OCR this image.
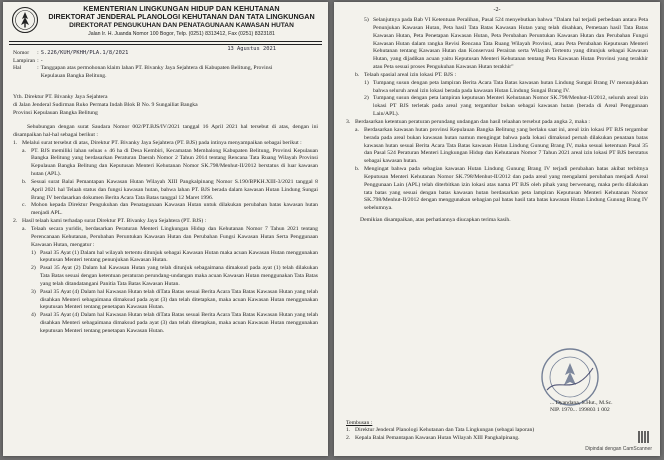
KEMENTERIAN LINGKUNGAN HIDUP DAN KEHUTANAN
DIREKTORAT JENDERAL PLANOLOGI KEHUTANAN DAN TATA LINGKUNGAN
DIREKTORAT PENGUKUHAN DAN PENATAGUNAAN KAWASAN HUTAN
Jalan Ir. H. Juanda Nomor 100 Bogor, Telp. (0251) 8313412, Fax (0251) 8323181
13 Agustus 2021
Nomor	:	S.226/KUH/PKHH/PLA.1/8/2021
Lampiran	:	-
Hal	:	Tanggapan atas permohonan klaim lahan PT. Bivanky Jaya Sejahtera di Kabupaten Belitung, Provinsi Kepulauan Bangka Belitung.

Yth. Direktur PT. Bivanky Jaya Sejahtera

di Jalan Jenderal Sudirman Ruko Permata Indah Blok B No. 9 Sungailiat Bangka

Provinsi Kepulauan Bangka Belitung

Sehubungan dengan surat Saudara Nomor 002/PT.BJS/IV/2021 tanggal 16 April 2021 hal tersebut di atas, dengan ini disampaikan hal-hal sebagai berikut :

1. Melalui surat tersebut di atas, Direktur PT. Bivanky Jaya Sejahtera (PT. BJS) pada intinya menyampaikan sebagai berikut :
a. PT. BJS memiliki lahan seluas ± 46 ha di Desa Kembiri, Kecamatan Membalong Kabupaten Belitung, Provinsi Kepulauan Bangka Belitung yang berdasarkan Peraturan Daerah Nomor 2 Tahun 2014 tentang Rencana Tata Ruang Wilayah Provinsi Kepulauan Bangka Belitung dan Keputusan Menteri Kehutanan Nomor SK.798/Menhut-II/2012 berstatus di luar kawasan hutan (APL).
b. Sesuai surat Balai Pemantapan Kawasan Hutan Wilayah XIII Pangkalpinang Nomor S.190/BPKH.XIII-3/2021 tanggal 8 April 2021 hal Telaah status dan fungsi kawasan hutan, bahwa lahan PT. BJS berada dalam kawasan Hutan Lindung Sungai Brang IV berdasarkan dokumen Berita Acara Tata Batas tanggal 12 Maret 1996.
c. Mohon kepada Direktur Pengukuhan dan Penatagunaan Kawasan Hutan untuk dilakukan perubahan batas kawasan hutan menjadi APL.
2. Hasil telaah kami terhadap surat Direktur PT. Bivanky Jaya Sejahtera (PT. BJS) :
a. Telaah secara yuridis, berdasarkan Peraturan Menteri Lingkungan Hidup dan Kehutanan Nomor 7 Tahun 2021 tentang Perencanaan Kehutanan, Perubahan Peruntukan Kawasan Hutan dan Perubahan Fungsi Kawasan Hutan Serta Penggunaan Kawasan Hutan, mengatur :
1) Pasal 35 Ayat (1) Dalam hal wilayah tertentu ditunjuk sebagai Kawasan Hutan maka acuan Kawasan Hutan menggunakan keputusan Menteri tentang penunjukan Kawasan Hutan.
2) Pasal 35 Ayat (2) Dalam hal Kawasan Hutan yang telah ditunjuk sebagaimana dimaksud pada ayat (1) telah dilakukan Tata Batas sesuai dengan ketentuan peraturan perundang-undangan maka acuan Kawasan Hutan menggunakan Tata Batas yang telah ditandatangani Panitia Tata Batas Kawasan Hutan.
3) Pasal 35 Ayat (4) Dalam hal Kawasan Hutan telah diTata Batas sesuai Berita Acara Tata Batas Kawasan Hutan yang telah disahkan Menteri sebagaimana dimaksud pada ayat (3) dan telah ditetapkan, maka acuan Kawasan Hutan menggunakan keputusan Menteri tentang penetapan Kawasan Hutan.
4) Pasal 35 Ayat (4) Dalam hal Kawasan Hutan telah diTata Batas sesuai Berita Acara Tata Batas Kawasan Hutan yang telah disahkan Menteri sebagaimana dimaksud pada ayat (3) dan telah ditetapkan, maka acuan Kawasan Hutan menggunakan keputusan Menteri tentang penetapan Kawasan Hutan.
-2-
5) Selanjutnya pada Bab VI Ketentuan Peralihan, Pasal 524 menyebutkan bahwa "Dalam hal terjadi perbedaan antara Peta Penunjukan Kawasan Hutan, Peta hasil Tata Batas Kawasan Hutan yang telah disahkan, Pemetaan hasil Tata Batas Kawasan Hutan, Peta Penetapan Kawasan Hutan, Peta Perubahan Peruntukan Kawasan Hutan dan Perubahan Fungsi Kawasan Hutan dalam rangka Revisi Rencana Tata Ruang Wilayah Provinsi, atau Peta Perubahan Keputusan Menteri Kehutanan tentang Kawasan Hutan dan Konservasi Perairan serta Wilayah Tertentu yang ditunjuk sebagai Kawasan Hutan, yang dijadikan acuan yaitu Keputusan Menteri Kehutanan tentang Peta Kawasan Hutan Provinsi yang terakhir atau Peta sesuai proses Pengukuhan Kawasan Hutan terakhir"
b. Telaah spasial areal izin lokasi PT. BJS :
1) Tumpang susun dengan peta lampiran Berita Acara Tata Batas kawasan hutan Lindung Sungai Brang IV menunjukkan bahwa seluruh areal izin lokasi berada pada kawasan Hutan Lindung Sungai Brang IV.
2) Tumpang susun dengan peta lampiran keputusan Menteri Kehutanan Nomor SK.798/Menhut-II/2012, seluruh areal izin lokasi PT BJS terletak pada areal yang tergambar bukan sebagai kawasan hutan (berada di Areal Penggunaan Lain/APL).
3. Berdasarkan ketentuan peraturan perundang undangan dan hasil telaahan tersebut pada angka 2, maka :
a. Berdasarkan kawasan hutan provinsi Kepulauan Bangka Belitung yang berlaku saat ini, areal izin lokasi PT BJS tergambar berada pada areal bukan kawasan hutan namun mengingat bahwa pada lokasi dimaksud pernah dilakukan penataan batas kawasan hutan sesuai Berita Acara Tata Batas kawasan Hutan Lindung Gunung Brang IV, maka sesuai ketentuan Pasal 35 dan Pasal 524 Peraturan Menteri Lingkungan Hidup dan Kehutanan Nomor 7 Tahun 2021 areal izin lokasi PT BJS berstatus sebagai kawasan hutan.
b. Mengingat bahwa pada sebagian kawasan Hutan Lindung Gunung Brang IV terjadi perubahan batas akibat terbitnya Keputusan Menteri Kehutanan Nomor SK.798/Menhut-II/2012 dan pada areal yang mengalami perubahan menjadi Areal Penggunaan Lain (APL) telah diterbitkan izin lokasi atas nama PT BJS oleh pihak yang berwenang, maka perlu dilakukan tata batas yang sesuai dengan batas kawasan hutan berdasarkan peta lampiran Keputusan Menteri Kehutanan Nomor SK.798/Menhut-II/2012 dengan menggunakan sebagian pal batas hasil tata batas kawasan Hutan Lindung Gunung Brang IV sebelumnya.

Demikian disampaikan, atas perhatiannya diucapkan terima kasih.

... Dyandana, S.Hut., M.Sc.
NIP. 1970... 199803 1 002

Tembusan :

1. Direktur Jenderal Planologi Kehutanan dan Tata Lingkungan (sebagai laporan)
2. Kepala Balai Pemantapan Kawasan Hutan Wilayah XIII Pangkalpinang.
Dipindai dengan CamScanner
